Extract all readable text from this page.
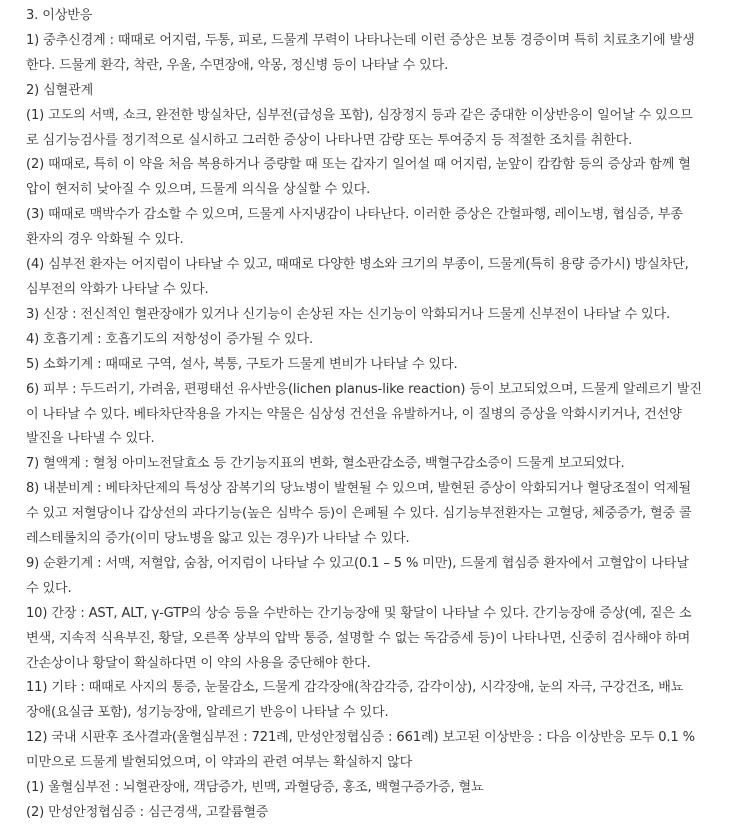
3. 이상반응
1) 중추신경계 : 때때로 어지럼, 두통, 피로, 드물게 무력이 나타나는데 이런 증상은 보통 경증이며 특히 치료초기에 발생
한다. 드물게 환각, 착란, 우울, 수면장애, 악몽, 정신병 등이 나타날 수 있다.
2) 심혈관계
(1) 고도의 서맥, 쇼크, 완전한 방실차단, 심부전(급성을 포함), 심장정지 등과 같은 중대한 이상반응이 일어날 수 있으므
로 심기능검사를 정기적으로 실시하고 그러한 증상이 나타나면 감량 또는 투여중지 등 적절한 조치를 취한다.
(2) 때때로, 특히 이 약을 처음 복용하거나 증량할 때 또는 갑자기 일어설 때 어지럼, 눈앞이 캄캄함 등의 증상과 함께 혈
압이 현저히 낮아질 수 있으며, 드물게 의식을 상실할 수 있다.
(3) 때때로 맥박수가 감소할 수 있으며, 드물게 사지냉감이 나타난다. 이러한 증상은 간헐파행, 레이노병, 협심증, 부종
환자의 경우 악화될 수 있다.
(4) 심부전 환자는 어지럼이 나타날 수 있고, 때때로 다양한 병소와 크기의 부종이, 드물게(특히 용량 증가시) 방실차단,
심부전의 악화가 나타날 수 있다.
3) 신장 : 전신적인 혈관장애가 있거나 신기능이 손상된 자는 신기능이 악화되거나 드물게 신부전이 나타날 수 있다.
4) 호흡기계 : 호흡기도의 저항성이 증가될 수 있다.
5) 소화기계 : 때때로 구역, 설사, 복통, 구토가 드물게 변비가 나타날 수 있다.
6) 피부 : 두드러기, 가려움, 편평태선 유사반응(lichen planus-like reaction) 등이 보고되었으며, 드물게 알레르기 발진
이 나타날 수 있다. 베타차단작용을 가지는 약물은 심상성 건선을 유발하거나, 이 질병의 증상을 악화시키거나, 건선양
발진을 나타낼 수 있다.
7) 혈액계 : 혈청 아미노전달효소 등 간기능지표의 변화, 혈소판감소증, 백혈구감소증이 드물게 보고되었다.
8) 내분비계 : 베타차단제의 특성상 잠복기의 당뇨병이 발현될 수 있으며, 발현된 증상이 악화되거나 혈당조절이 억제될
수 있고 저혈당이나 갑상선의 과다기능(높은 심박수 등)이 은폐될 수 있다. 심기능부전환자는 고혈당, 체중증가, 혈중 콜
레스테롤치의 증가(이미 당뇨병을 앓고 있는 경우)가 나타날 수 있다.
9) 순환기계 : 서맥, 저혈압, 숨참, 어지럼이 나타날 수 있고(0.1 – 5 % 미만), 드물게 협심증 환자에서 고혈압이 나타날
수 있다.
10) 간장 : AST, ALT, γ-GTP의 상승 등을 수반하는 간기능장애 및 황달이 나타날 수 있다. 간기능장애 증상(예, 짙은 소
변색, 지속적 식욕부진, 황달, 오른쪽 상부의 압박 통증, 설명할 수 없는 독감증세 등)이 나타나면, 신중히 검사해야 하며
간손상이나 황달이 확실하다면 이 약의 사용을 중단해야 한다.
11) 기타 : 때때로 사지의 통증, 눈물감소, 드물게 감각장애(착감각증, 감각이상), 시각장애, 눈의 자극, 구강건조, 배뇨
장애(요실금 포함), 성기능장애, 알레르기 반응이 나타날 수 있다.
12) 국내 시판후 조사결과(울혈심부전 : 721례, 만성안정협심증 : 661례) 보고된 이상반응 : 다음 이상반응 모두 0.1 %
미만으로 드물게 발현되었으며, 이 약과의 관련 여부는 확실하지 않다
(1) 울혈심부전 : 뇌혈관장애, 객담증가, 빈맥, 과혈당증, 홍조, 백혈구증가증, 혈뇨
(2) 만성안정협심증 : 심근경색, 고칼륨혈증
